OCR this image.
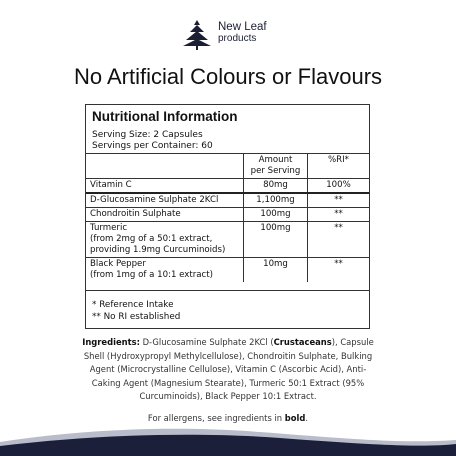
New Leaf
products
No Artificial Colours or Flavours
Nutritional Information
Serving Size: 2 Capsules
Servings per Container: 60
	Amount
per Serving	%RI*
Vitamin C	80mg	100%
D-Glucosamine Sulphate 2KCl	1,100mg	**
Chondroitin Sulphate	100mg	**
Turmeric
(from 2mg of a 50:1 extract,
providing 1.9mg Curcuminoids)	100mg	**
Black Pepper
(from 1mg of a 10:1 extract)	10mg	**
* Reference Intake
** No RI established
Ingredients: D-Glucosamine Sulphate 2KCl (Crustaceans), Capsule Shell (Hydroxypropyl Methylcellulose), Chondroitin Sulphate, Bulking Agent (Microcrystalline Cellulose), Vitamin C (Ascorbic Acid), Anti-Caking Agent (Magnesium Stearate), Turmeric 50:1 Extract (95% Curcuminoids), Black Pepper 10:1 Extract.
For allergens, see ingredients in bold.
